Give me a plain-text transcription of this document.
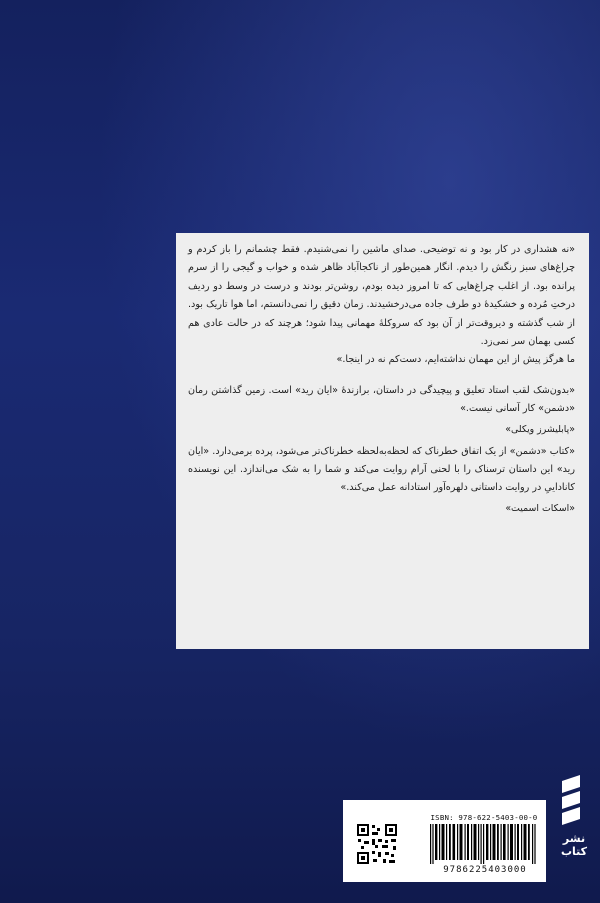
«نه هشداری در کار بود و نه توضیحی. صدای ماشین را نمی‌شنیدم. فقط چشمانم را باز کردم و چراغ‌های سبز رنگش را دیدم. انگار همین‌طور از ناکجاآباد ظاهر شده و خواب و گیجی را از سرم پرانده بود. از اغلب چراغ‌هایی که تا امروز دیده بودم، روشن‌تر بودند و درست در وسط دو ردیف درختِ مُرده و خشکیدهٔ دو طرف جاده می‌درخشیدند. زمان دقیق را نمی‌دانستم، اما هوا تاریک بود. از شب گذشته و دیروقت‌تر از آن بود که سروکلهٔ مهمانی پیدا شود؛ هرچند که در حالت عادی هم کسی بهمان سر نمی‌زد.

ما هرگز پیش از این مهمان نداشته‌ایم، دست‌کم نه در اینجا.»

«بدون‌شک لقب استاد تعلیق و پیچیدگی در داستان، برازندهٔ «ایان رید» است. زمین گذاشتن رمان «دشمن» کار آسانی نیست.»

«پابلیشرز ویکلی»

«کتاب «دشمن» از یک اتفاق خطرناک که لحظه‌به‌لحظه خطرناک‌تر می‌شود، پرده برمی‌دارد. «ایان رید» این داستان ترسناک را با لحنی آرام روایت می‌کند و شما را به شک می‌اندازد. این نویسنده کاناداییِ در روایت داستانی دلهره‌آور استادانه عمل می‌کند.»

«اسکات اسمیت»

ISBN: 978-622-5403-00-0
9786225403000
نشر
کتاب
